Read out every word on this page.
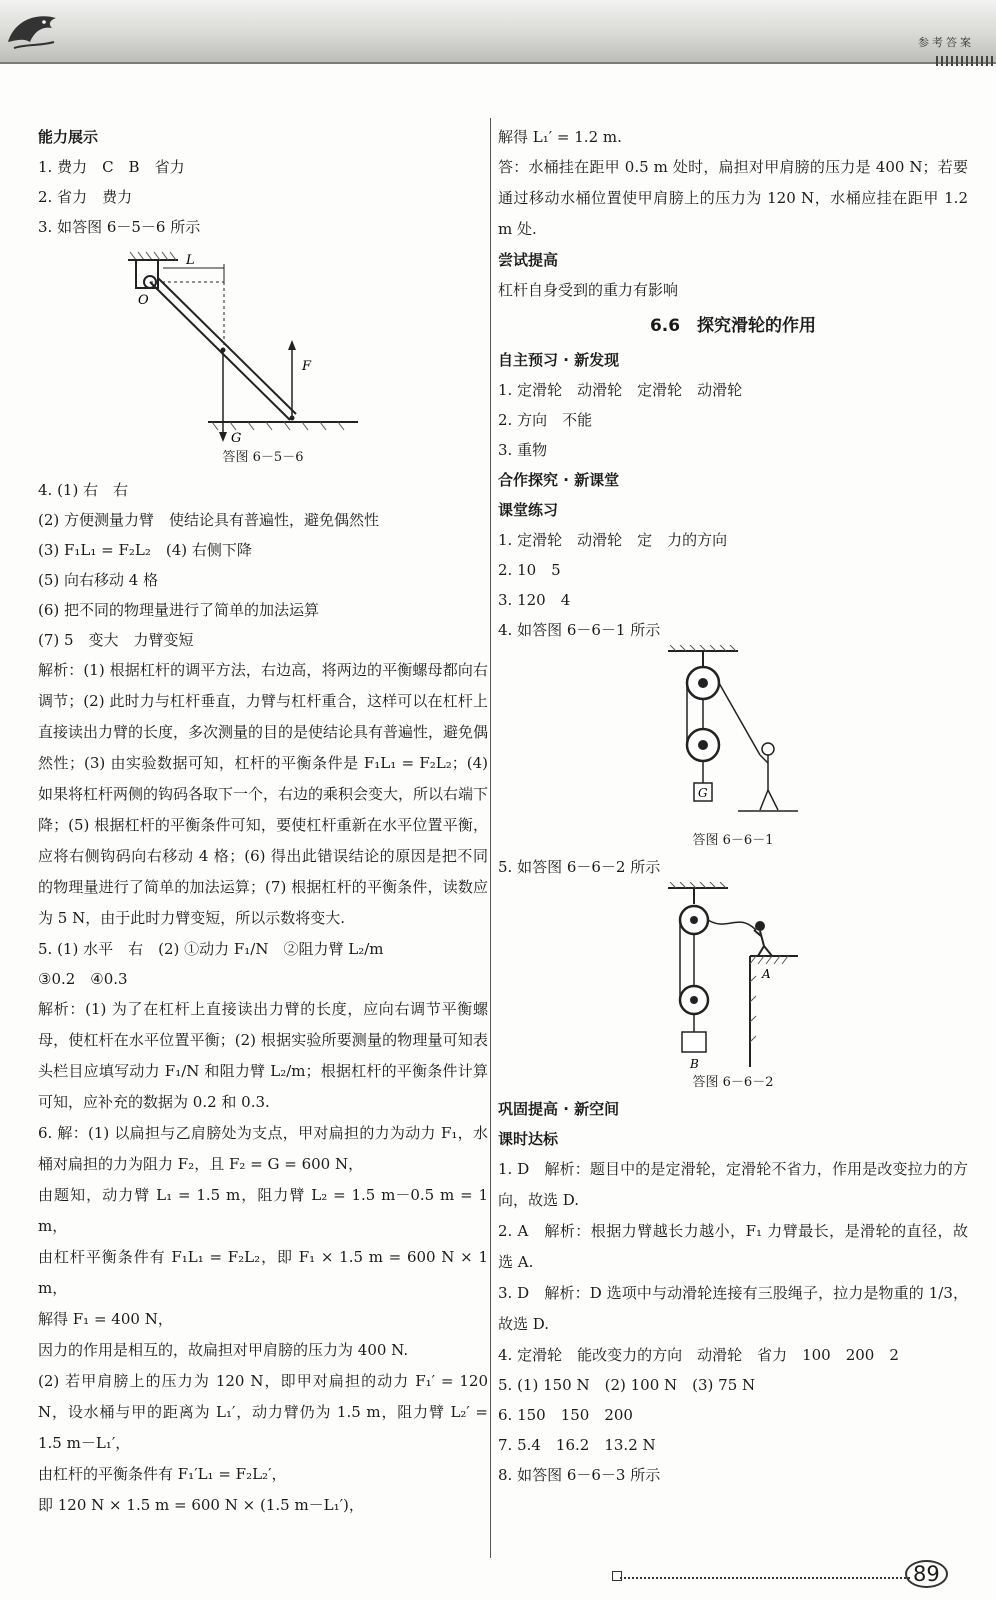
参考答案
能力展示
1. 费力　C　B　省力
2. 省力　费力
3. 如答图 6－5－6 所示
L
O
G
F
答图 6－5－6
4. (1) 右　右
(2) 方便测量力臂　使结论具有普遍性，避免偶然性
(3) F₁L₁ = F₂L₂　(4) 右侧下降
(5) 向右移动 4 格
(6) 把不同的物理量进行了简单的加法运算
(7) 5　变大　力臂变短
解析：(1) 根据杠杆的调平方法，右边高，将两边的平衡螺母都向右调节；(2) 此时力与杠杆垂直，力臂与杠杆重合，这样可以在杠杆上直接读出力臂的长度，多次测量的目的是使结论具有普遍性，避免偶然性；(3) 由实验数据可知，杠杆的平衡条件是 F₁L₁ = F₂L₂；(4) 如果将杠杆两侧的钩码各取下一个，右边的乘积会变大，所以右端下降；(5) 根据杠杆的平衡条件可知，要使杠杆重新在水平位置平衡，应将右侧钩码向右移动 4 格；(6) 得出此错误结论的原因是把不同的物理量进行了简单的加法运算；(7) 根据杠杆的平衡条件，读数应为 5 N，由于此时力臂变短，所以示数将变大.
5. (1) 水平　右　(2) ①动力 F₁/N　②阻力臂 L₂/m
③0.2　④0.3
解析：(1) 为了在杠杆上直接读出力臂的长度，应向右调节平衡螺母，使杠杆在水平位置平衡；(2) 根据实验所要测量的物理量可知表头栏目应填写动力 F₁/N 和阻力臂 L₂/m；根据杠杆的平衡条件计算可知，应补充的数据为 0.2 和 0.3.
6. 解：(1) 以扁担与乙肩膀处为支点，甲对扁担的力为动力 F₁，水桶对扁担的力为阻力 F₂，且 F₂ = G = 600 N，
由题知，动力臂 L₁ = 1.5 m，阻力臂 L₂ = 1.5 m－0.5 m = 1 m，
由杠杆平衡条件有 F₁L₁ = F₂L₂，即 F₁ × 1.5 m = 600 N × 1 m，
解得 F₁ = 400 N，
因力的作用是相互的，故扁担对甲肩膀的压力为 400 N.
(2) 若甲肩膀上的压力为 120 N，即甲对扁担的动力 F₁′ = 120 N，设水桶与甲的距离为 L₁′，动力臂仍为 1.5 m，阻力臂 L₂′ = 1.5 m－L₁′，
由杠杆的平衡条件有 F₁′L₁ = F₂L₂′，
即 120 N × 1.5 m = 600 N × (1.5 m－L₁′)，
解得 L₁′ = 1.2 m.
答：水桶挂在距甲 0.5 m 处时，扁担对甲肩膀的压力是 400 N；若要通过移动水桶位置使甲肩膀上的压力为 120 N，水桶应挂在距甲 1.2 m 处.
尝试提高
杠杆自身受到的重力有影响
6.6　探究滑轮的作用
自主预习 · 新发现
1. 定滑轮　动滑轮　定滑轮　动滑轮
2. 方向　不能
3. 重物
合作探究 · 新课堂
课堂练习
1. 定滑轮　动滑轮　定　力的方向
2. 10　5
3. 120　4
4. 如答图 6－6－1 所示
G
答图 6－6－1
5. 如答图 6－6－2 所示
B
A
答图 6－6－2
巩固提高 · 新空间
课时达标
1. D　解析：题目中的是定滑轮，定滑轮不省力，作用是改变拉力的方向，故选 D.
2. A　解析：根据力臂越长力越小，F₁ 力臂最长，是滑轮的直径，故选 A.
3. D　解析：D 选项中与动滑轮连接有三股绳子，拉力是物重的 1/3，故选 D.
4. 定滑轮　能改变力的方向　动滑轮　省力　100　200　2
5. (1) 150 N　(2) 100 N　(3) 75 N
6. 150　150　200
7. 5.4　16.2　13.2 N
8. 如答图 6－6－3 所示
89
